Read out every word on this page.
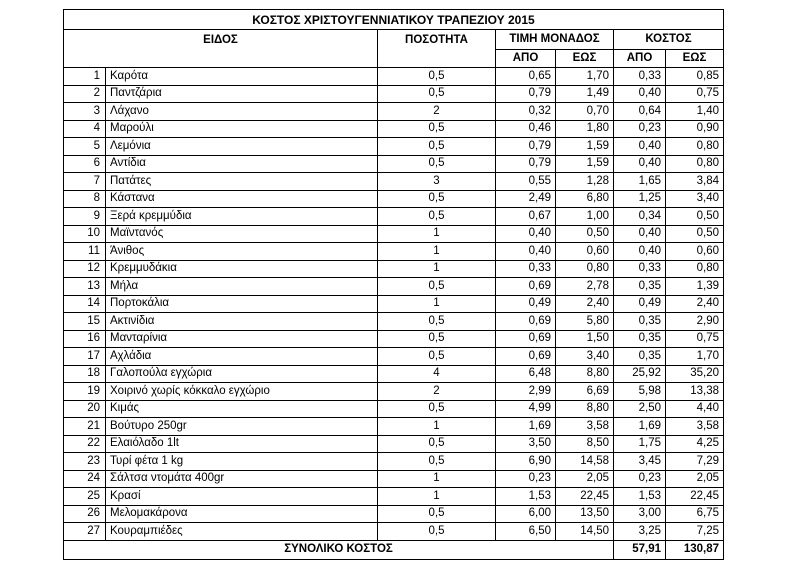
ΚΟΣΤΟΣ ΧΡΙΣΤΟΥΓΕΝΝΙΑΤΙΚΟΥ ΤΡΑΠΕΖΙΟΥ 2015						
ΕΙΔΟΣ		ΠΟΣΟΤΗΤΑ	ΤΙΜΗ ΜΟΝΑΔΟΣ		ΚΟΣΤΟΣ	
			ΑΠΟ	ΕΩΣ	ΑΠΟ	ΕΩΣ
1	Καρότα	0,5	0,65	1,70	0,33	0,85
2	Παντζάρια	0,5	0,79	1,49	0,40	0,75
3	Λάχανο	2	0,32	0,70	0,64	1,40
4	Μαρούλι	0,5	0,46	1,80	0,23	0,90
5	Λεμόνια	0,5	0,79	1,59	0,40	0,80
6	Αντίδια	0,5	0,79	1,59	0,40	0,80
7	Πατάτες	3	0,55	1,28	1,65	3,84
8	Κάστανα	0,5	2,49	6,80	1,25	3,40
9	Ξερά κρεμμύδια	0,5	0,67	1,00	0,34	0,50
10	Μαϊντανός	1	0,40	0,50	0,40	0,50
11	Άνιθος	1	0,40	0,60	0,40	0,60
12	Κρεμμυδάκια	1	0,33	0,80	0,33	0,80
13	Μήλα	0,5	0,69	2,78	0,35	1,39
14	Πορτοκάλια	1	0,49	2,40	0,49	2,40
15	Ακτινίδια	0,5	0,69	5,80	0,35	2,90
16	Μανταρίνια	0,5	0,69	1,50	0,35	0,75
17	Αχλάδια	0,5	0,69	3,40	0,35	1,70
18	Γαλοπούλα εγχώρια	4	6,48	8,80	25,92	35,20
19	Χοιρινό χωρίς κόκκαλο εγχώριο	2	2,99	6,69	5,98	13,38
20	Κιμάς	0,5	4,99	8,80	2,50	4,40
21	Βούτυρο 250gr	1	1,69	3,58	1,69	3,58
22	Ελαιόλαδο 1lt	0,5	3,50	8,50	1,75	4,25
23	Τυρί φέτα 1 kg	0,5	6,90	14,58	3,45	7,29
24	Σάλτσα ντομάτα 400gr	1	0,23	2,05	0,23	2,05
25	Κρασί	1	1,53	22,45	1,53	22,45
26	Μελομακάρονα	0,5	6,00	13,50	3,00	6,75
27	Κουραμπιέδες	0,5	6,50	14,50	3,25	7,25
ΣΥΝΟΛΙΚΟ ΚΟΣΤΟΣ					57,91	130,87
